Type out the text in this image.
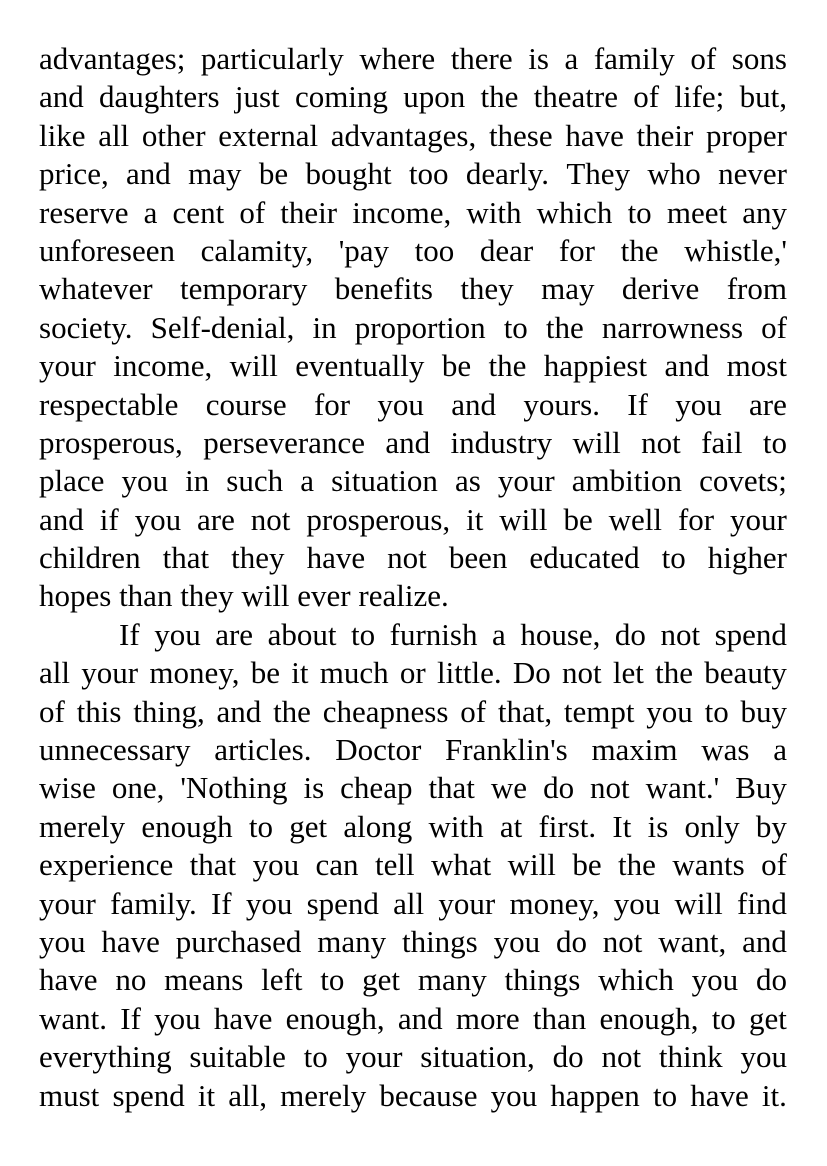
advantages; particularly where there is a family of sons
and daughters just coming upon the theatre of life; but,
like all other external advantages, these have their proper
price, and may be bought too dearly. They who never
reserve a cent of their income, with which to meet any
unforeseen calamity, 'pay too dear for the whistle,'
whatever temporary benefits they may derive from
society. Self-denial, in proportion to the narrowness of
your income, will eventually be the happiest and most
respectable course for you and yours. If you are
prosperous, perseverance and industry will not fail to
place you in such a situation as your ambition covets;
and if you are not prosperous, it will be well for your
children that they have not been educated to higher
hopes than they will ever realize.
If you are about to furnish a house, do not spend
all your money, be it much or little. Do not let the beauty
of this thing, and the cheapness of that, tempt you to buy
unnecessary articles. Doctor Franklin's maxim was a
wise one, 'Nothing is cheap that we do not want.' Buy
merely enough to get along with at first. It is only by
experience that you can tell what will be the wants of
your family. If you spend all your money, you will find
you have purchased many things you do not want, and
have no means left to get many things which you do
want. If you have enough, and more than enough, to get
everything suitable to your situation, do not think you
must spend it all, merely because you happen to have it.
